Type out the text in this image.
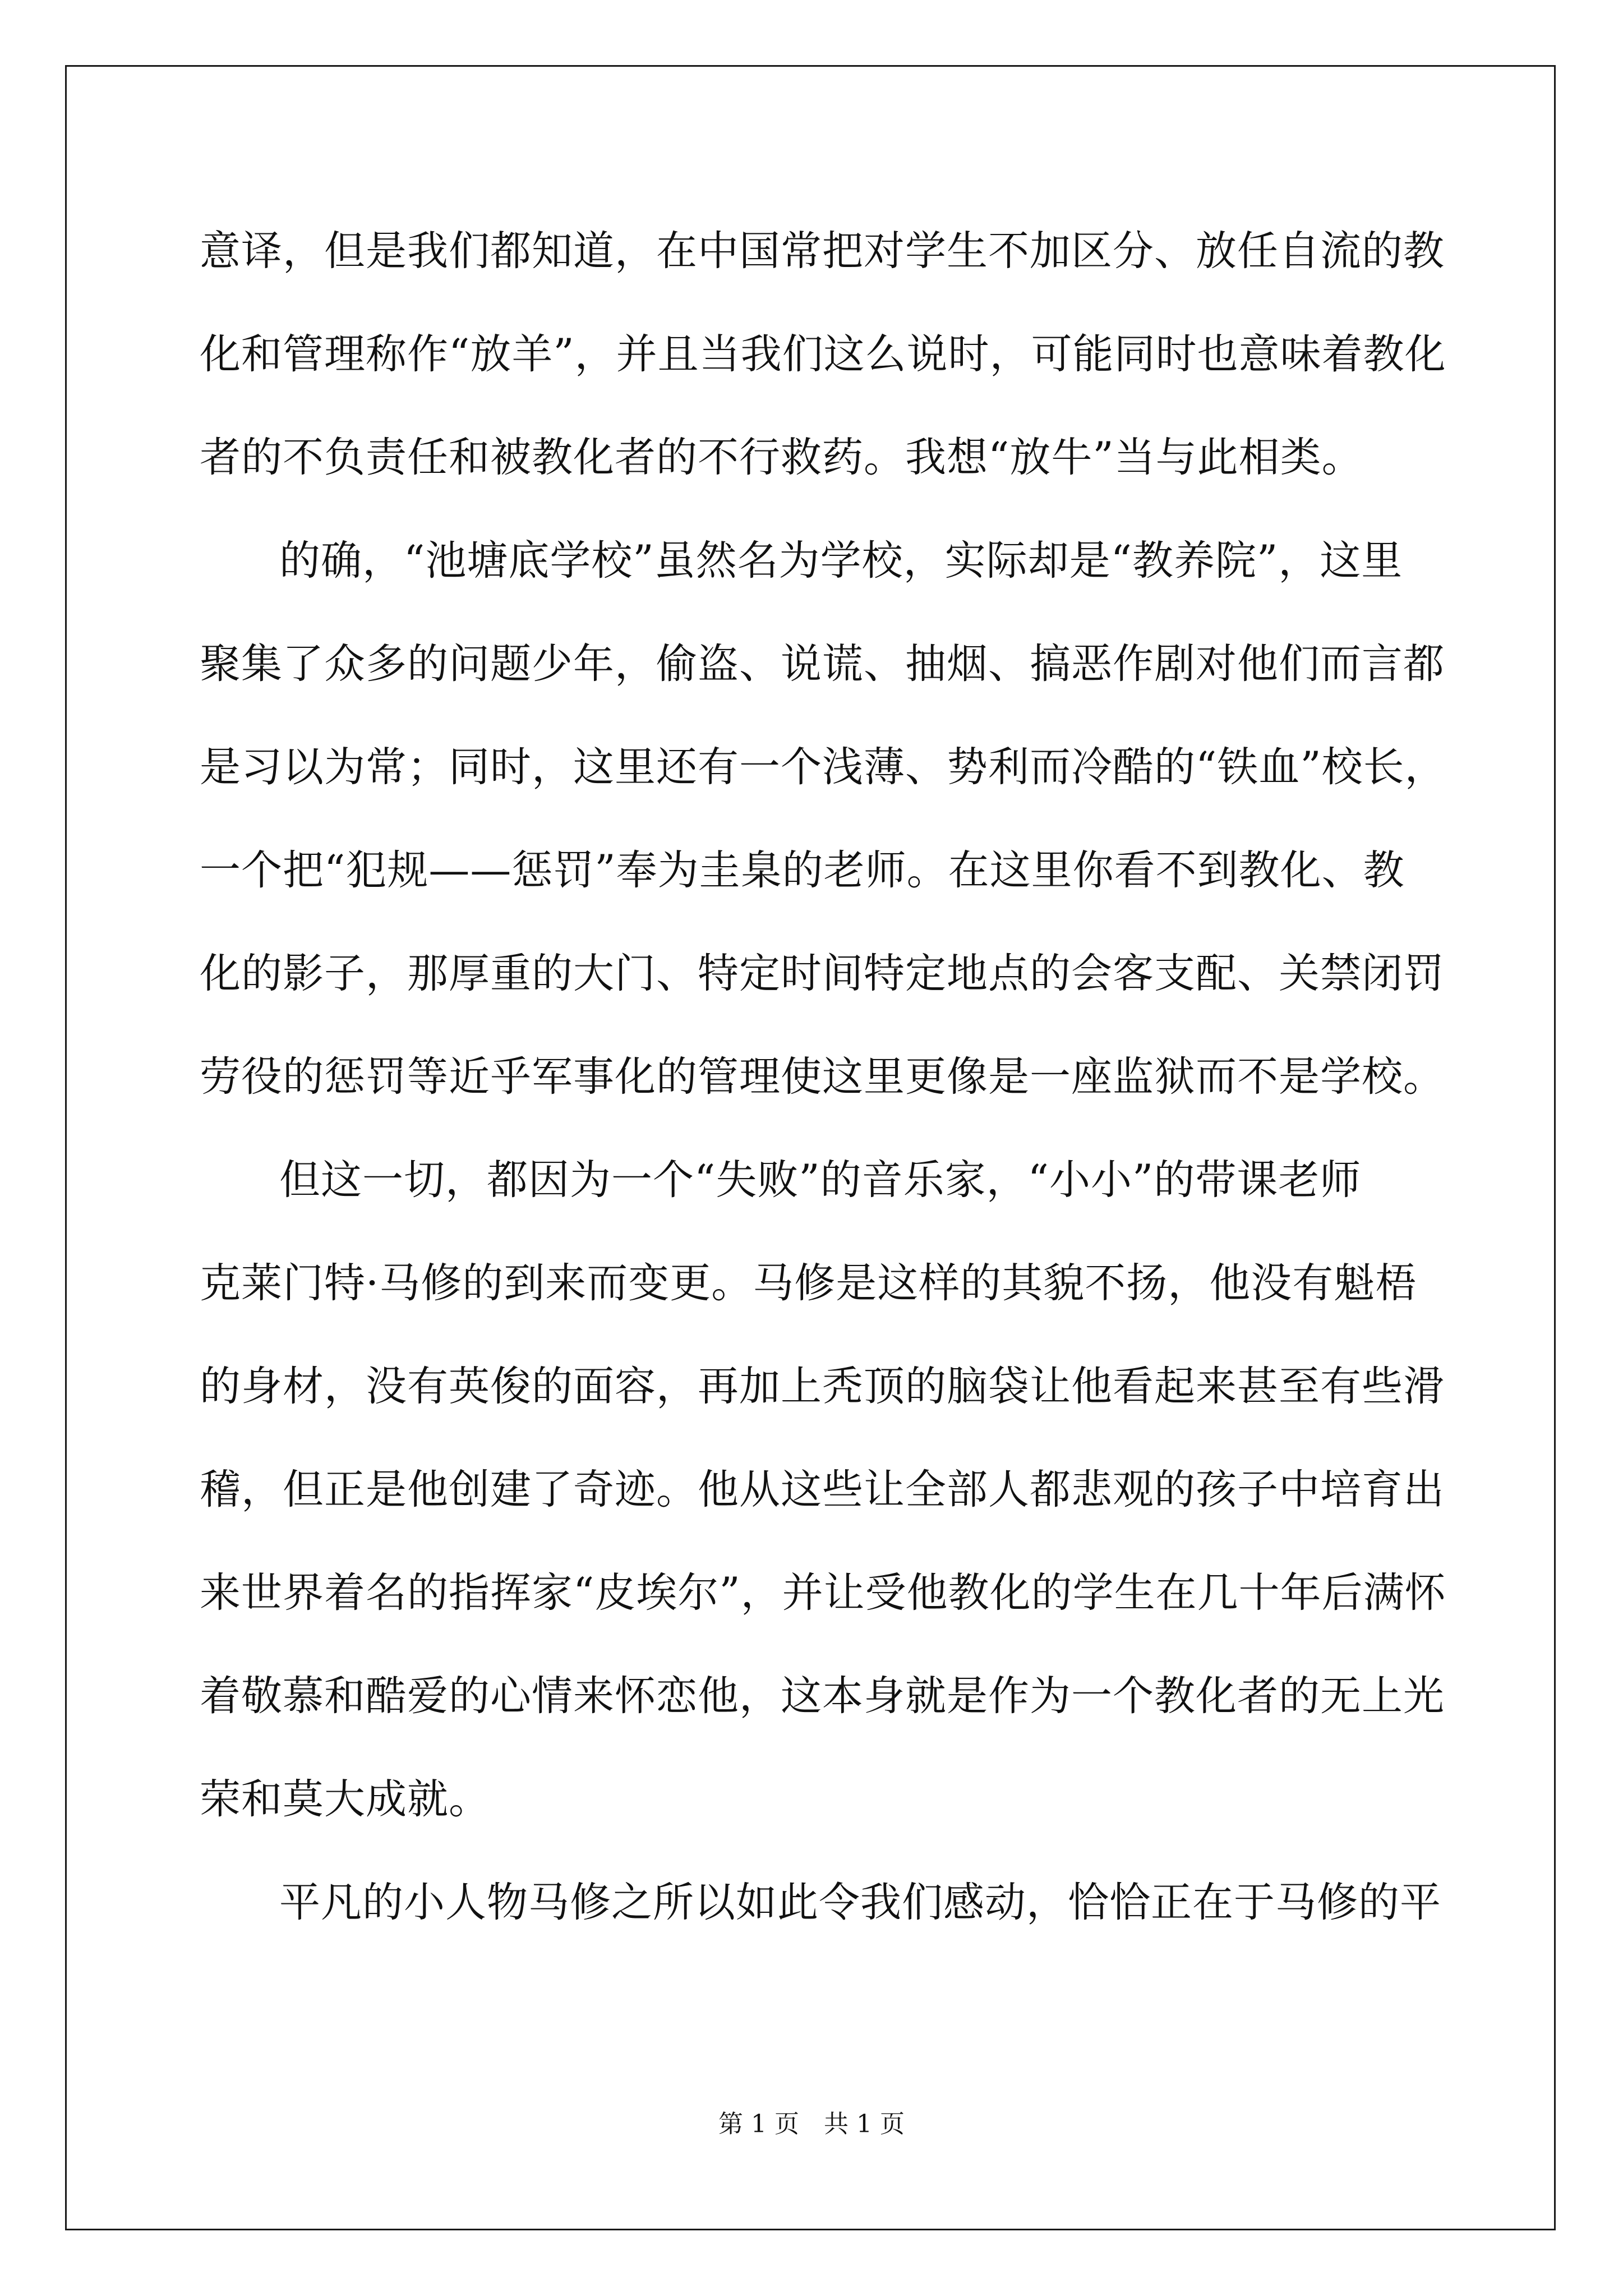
意译，但是我们都知道，在中国常把对学生不加区分、放任自流的教
化和管理称作“放羊”，并且当我们这么说时，可能同时也意味着教化
者的不负责任和被教化者的不行救药。我想“放牛”当与此相类。
的确，“池塘底学校”虽然名为学校，实际却是“教养院”，这里
聚集了众多的问题少年，偷盗、说谎、抽烟、搞恶作剧对他们而言都
是习以为常；同时，这里还有一个浅薄、势利而冷酷的“铁血”校长，
一个把“犯规——惩罚”奉为圭臬的老师。在这里你看不到教化、教
化的影子，那厚重的大门、特定时间特定地点的会客支配、关禁闭罚
劳役的惩罚等近乎军事化的管理使这里更像是一座监狱而不是学校。
但这一切，都因为一个“失败”的音乐家，“小小”的带课老师
克莱门特·马修的到来而变更。马修是这样的其貌不扬，他没有魁梧
的身材，没有英俊的面容，再加上秃顶的脑袋让他看起来甚至有些滑
稽，但正是他创建了奇迹。他从这些让全部人都悲观的孩子中培育出
来世界着名的指挥家“皮埃尔”，并让受他教化的学生在几十年后满怀
着敬慕和酷爱的心情来怀恋他，这本身就是作为一个教化者的无上光
荣和莫大成就。
平凡的小人物马修之所以如此令我们感动，恰恰正在于马修的平
第 1 页　共 1 页
